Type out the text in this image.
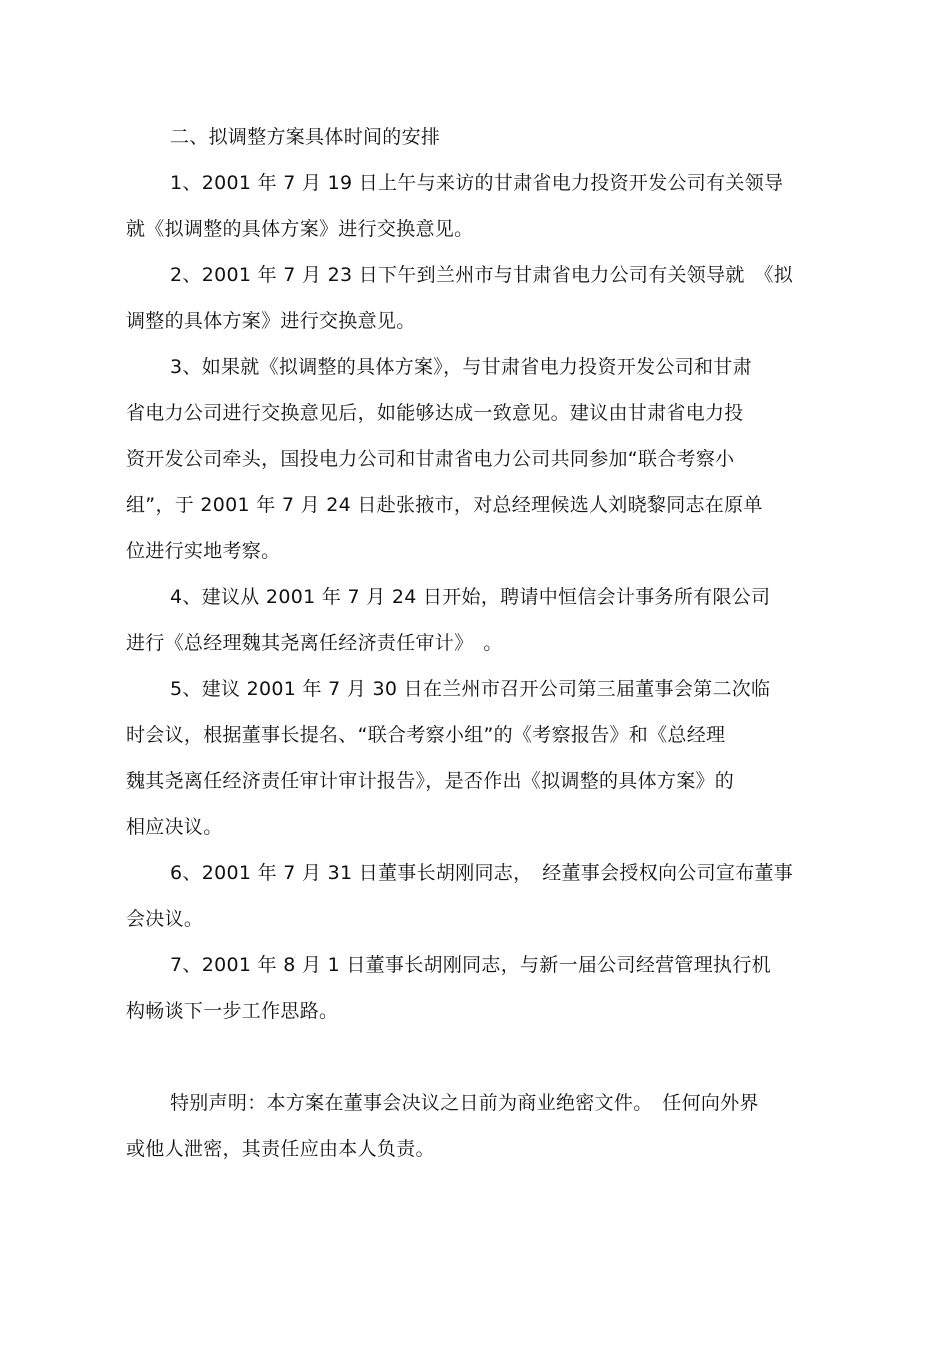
二、拟调整方案具体时间的安排
1、2001 年 7 月 19 日上午与来访的甘肃省电力投资开发公司有关领导
就《拟调整的具体方案》进行交换意见。
2、2001 年 7 月 23 日下午到兰州市与甘肃省电力公司有关领导就　《拟
调整的具体方案》进行交换意见。
3、如果就《拟调整的具体方案》，与甘肃省电力投资开发公司和甘肃
省电力公司进行交换意见后，如能够达成一致意见。建议由甘肃省电力投
资开发公司牵头，国投电力公司和甘肃省电力公司共同参加“联合考察小
组”，于 2001 年 7 月 24 日赴张掖市，对总经理候选人刘晓黎同志在原单
位进行实地考察。
4、建议从 2001 年 7 月 24 日开始，聘请中恒信会计事务所有限公司
进行《总经理魏其尧离任经济责任审计》　。
5、建议 2001 年 7 月 30 日在兰州市召开公司第三届董事会第二次临
时会议，根据董事长提名、“联合考察小组”的《考察报告》和《总经理
魏其尧离任经济责任审计审计报告》，是否作出《拟调整的具体方案》的
相应决议。
6、2001 年 7 月 31 日董事长胡刚同志，　经董事会授权向公司宣布董事
会决议。
7、2001 年 8 月 1 日董事长胡刚同志，与新一届公司经营管理执行机
构畅谈下一步工作思路。
特别声明：本方案在董事会决议之日前为商业绝密文件。　任何向外界
或他人泄密，其责任应由本人负责。
